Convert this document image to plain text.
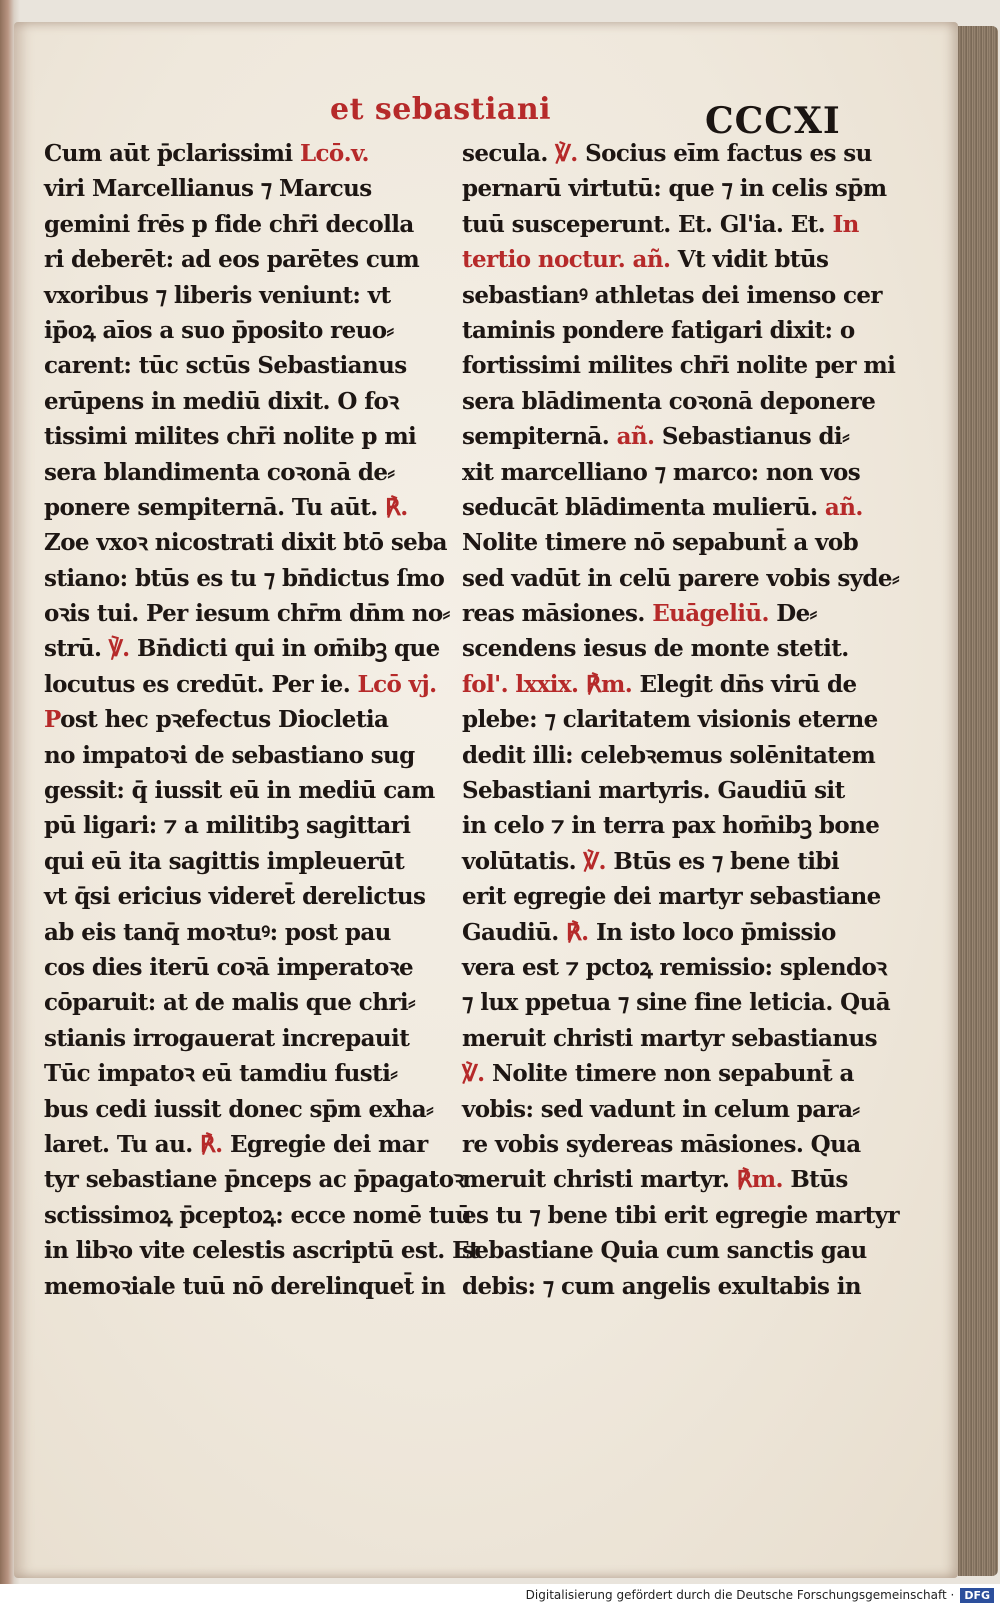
et sebastiani	CCCXI
Cum aūt p̄clarissimi Lcō.v.
viri Marcellianus ⁊ Marcus
gemini frēs p fide chr̄i decolla
ri deberēt: ad eos parētes cum
vxoribus ⁊ liberis veniunt: vt
ip̄oꝝ aīos a suo p̄posito reuo⸗
carent: tūc sctūs Sebastianus
erūpens in mediū dixit. O foꝛ
tissimi milites chr̄i nolite p mi
sera blandimenta coꝛonā de⸗
ponere sempiternā. Tu aūt. ℟.
Zoe vxoꝛ nicostrati dixit btō seba
stiano: btūs es tu ⁊ bn̄dictus ſmo
oꝛis tui. Per iesum chr̄m dn̄m no⸗
strū. ℣. Bn̄dicti qui in om̄ibꝫ que
locutus es credūt. Per ie. Lcō vj.
Post hec pꝛefectus Diocletia
no impatoꝛi de sebastiano sug
gessit: q̄ iussit eū in mediū cam
pū ligari: ⁊ a militibꝫ sagittari
qui eū ita sagittis impleuerūt
vt q̄si ericius videret̄ derelictus
ab eis tanq̄ moꝛtuꝰ: post pau
cos dies iterū coꝛā imperatoꝛe
cōparuit: at de malis que chri⸗
stianis irrogauerat increpauit
Tūc impatoꝛ eū tamdiu fusti⸗
bus cedi iussit donec sp̄m exha⸗
laret. Tu au. ℟. Egregie dei mar
tyr sebastiane p̄nceps ac p̄pagatoꝛ
sctissimoꝝ p̄ceptoꝝ: ecce nomē tuū
in libꝛo vite celestis ascriptū est. Et
memoꝛiale tuū nō derelinquet̄ in
secula. ℣. Socius eīm factus es su
pernarū virtutū: que ⁊ in celis sp̄m
tuū susceperunt. Et. Gl'ia. Et. In
tertio noctur. añ. Vt vidit btūs
sebastianꝰ athletas dei imenso cer
taminis pondere fatigari dixit: o
fortissimi milites chr̄i nolite per mi
sera blādimenta coꝛonā deponere
sempiternā. añ. Sebastianus di⸗
xit marcelliano ⁊ marco: non vos
seducāt blādimenta mulierū. añ.
Nolite timere nō sepabunt̄ a vob
sed vadūt in celū parere vobis syde⸗
reas māsiones. Euāgeliū. De⸗
scendens iesus de monte stetit.
fol'. lxxix. ℟m. Elegit dn̄s virū de
plebe: ⁊ claritatem visionis eterne
dedit illi: celebꝛemus solēnitatem
Sebastiani martyris. Gaudiū sit
in celo ⁊ in terra pax hom̄ibꝫ bone
volūtatis. ℣. Btūs es ⁊ bene tibi
erit egregie dei martyr sebastiane
Gaudiū. ℟. In isto loco p̄missio
vera est ⁊ pctoꝝ remissio: splendoꝛ
⁊ lux ppetua ⁊ sine fine leticia. Quā
meruit christi martyr sebastianus
℣. Nolite timere non sepabunt̄ a
vobis: sed vadunt in celum para⸗
re vobis sydereas māsiones. Qua
meruit christi martyr. ℟m. Btūs
es tu ⁊ bene tibi erit egregie martyr
sebastiane Quia cum sanctis gau
debis: ⁊ cum angelis exultabis in
Digitalisierung gefördert durch die Deutsche Forschungsgemeinschaft · DFG
